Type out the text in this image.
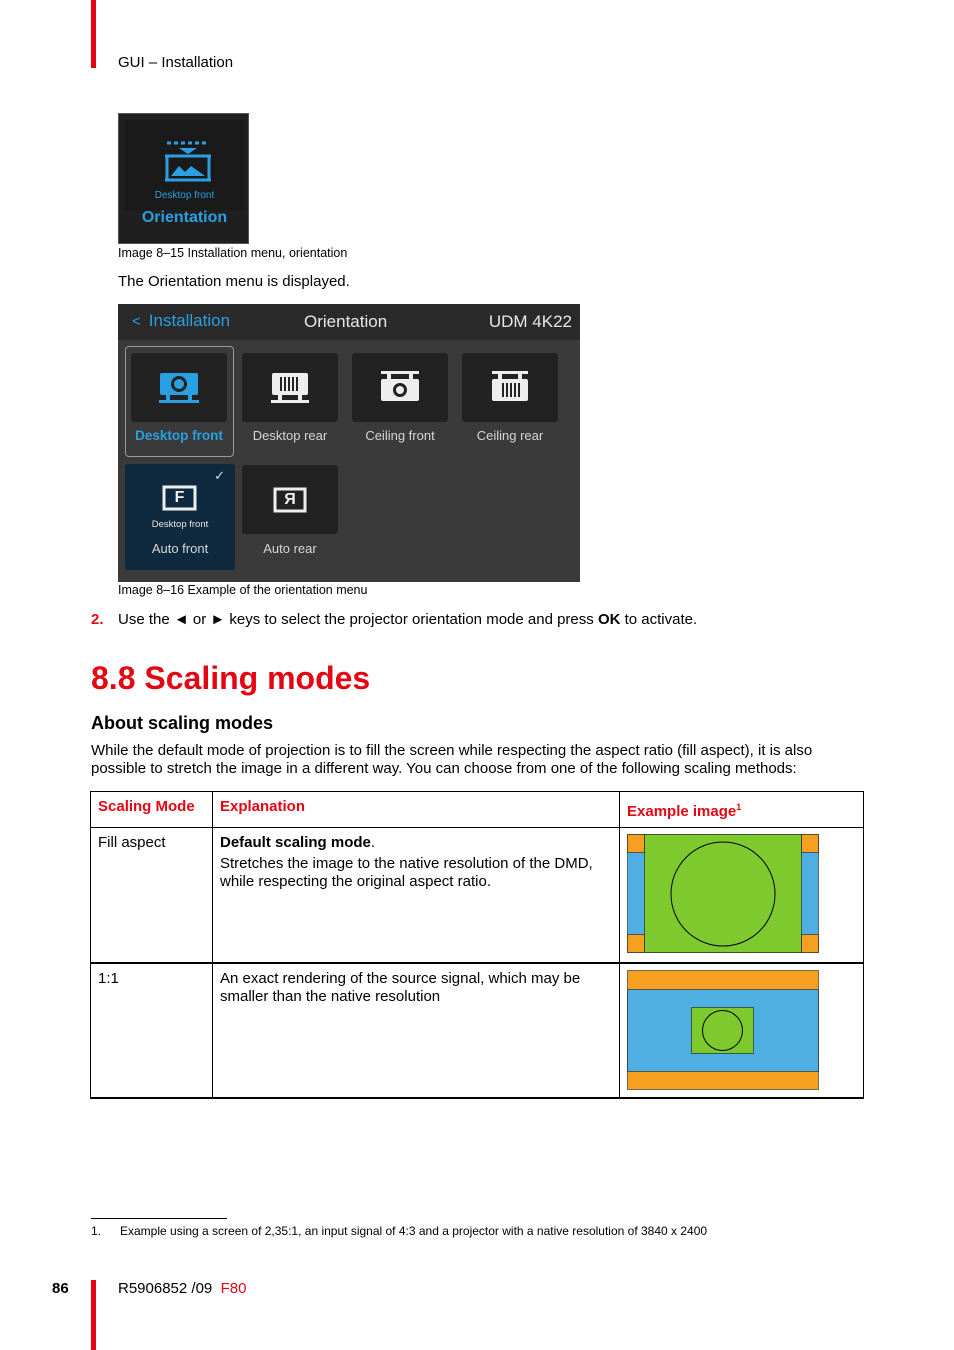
GUI – Installation
Desktop front
Orientation
Image 8–15 Installation menu, orientation
The Orientation menu is displayed.
< Installation	Orientation	UDM 4K22
Desktop front	Desktop rear	Ceiling front	Ceiling rear
✓
F
Desktop front
Auto front
Я
Auto rear
Image 8–16 Example of the orientation menu
2. Use the ◄ or ► keys to select the projector orientation mode and press OK to activate.
8.8 Scaling modes
About scaling modes
While the default mode of projection is to fill the screen while respecting the aspect ratio (fill aspect), it is also possible to stretch the image in a different way. You can choose from one of the following scaling methods:
Scaling Mode	Explanation	Example image$^1$
Fill aspect	Default scaling mode.
Stretches the image to the native resolution of the DMD, while respecting the original aspect ratio.

1:1	An exact rendering of the source signal, which may be smaller than the native resolution	
1. Example using a screen of 2,35:1, an input signal of 4:3 and a projector with a native resolution of 3840 x 2400
86	R5906852 /09 F80
